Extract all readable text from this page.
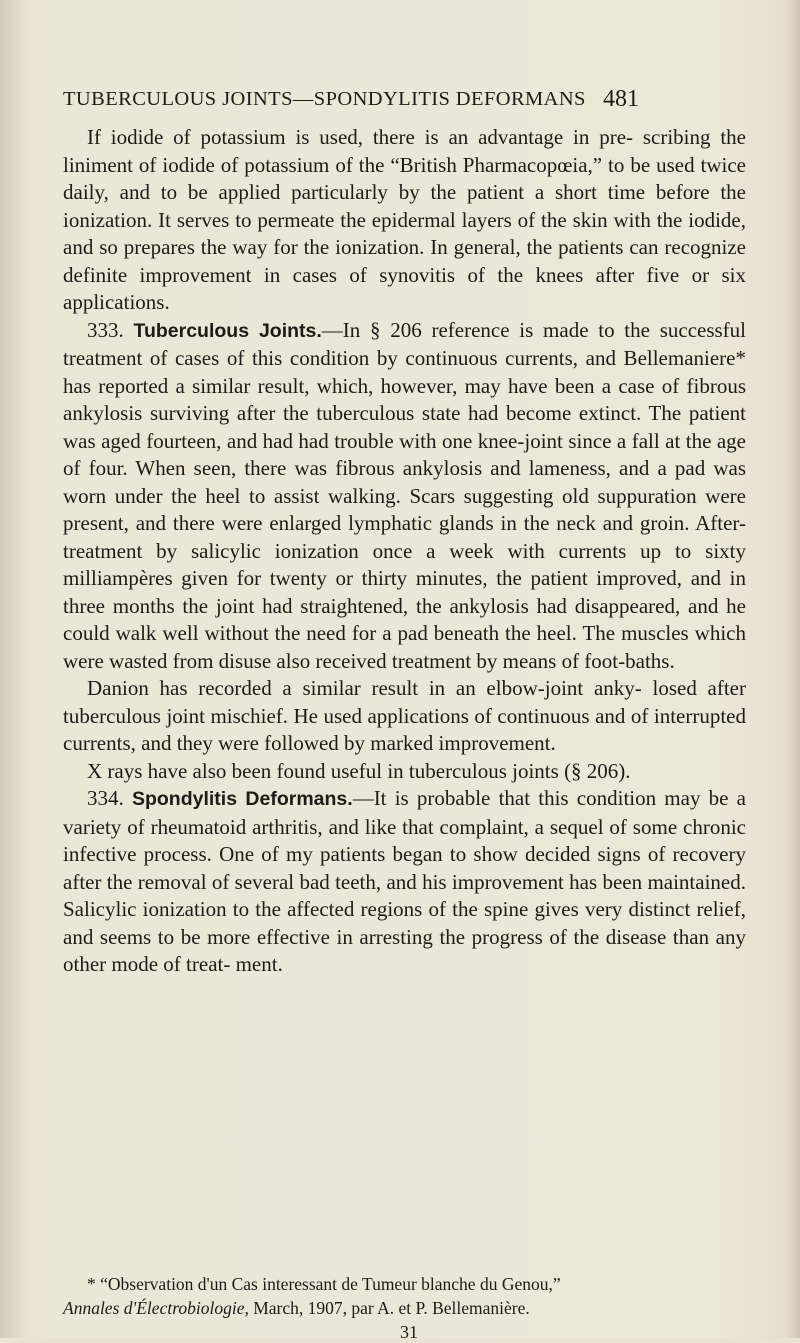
TUBERCULOUS JOINTS—SPONDYLITIS DEFORMANS 481

If iodide of potassium is used, there is an advantage in pre- scribing the liniment of iodide of potassium of the “British Pharmacopœia,” to be used twice daily, and to be applied particularly by the patient a short time before the ionization. It serves to permeate the epidermal layers of the skin with the iodide, and so prepares the way for the ionization. In general, the patients can recognize definite improvement in cases of synovitis of the knees after five or six applications.

333. Tuberculous Joints.—In § 206 reference is made to the successful treatment of cases of this condition by continuous currents, and Bellemaniere* has reported a similar result, which, however, may have been a case of fibrous ankylosis surviving after the tuberculous state had become extinct. The patient was aged fourteen, and had had trouble with one knee-joint since a fall at the age of four. When seen, there was fibrous ankylosis and lameness, and a pad was worn under the heel to assist walking. Scars suggesting old suppuration were present, and there were enlarged lymphatic glands in the neck and groin. After-treatment by salicylic ionization once a week with currents up to sixty milliampères given for twenty or thirty minutes, the patient improved, and in three months the joint had straightened, the ankylosis had disappeared, and he could walk well without the need for a pad beneath the heel. The muscles which were wasted from disuse also received treatment by means of foot-baths.

Danion has recorded a similar result in an elbow-joint anky- losed after tuberculous joint mischief. He used applications of continuous and of interrupted currents, and they were followed by marked improvement.

X rays have also been found useful in tuberculous joints (§ 206).

334. Spondylitis Deformans.—It is probable that this condition may be a variety of rheumatoid arthritis, and like that complaint, a sequel of some chronic infective process. One of my patients began to show decided signs of recovery after the removal of several bad teeth, and his improvement has been maintained. Salicylic ionization to the affected regions of the spine gives very distinct relief, and seems to be more effective in arresting the progress of the disease than any other mode of treat- ment.

* “Observation d'un Cas interessant de Tumeur blanche du Genou,”

Annales d'Électrobiologie, March, 1907, par A. et P. Bellemanière.

31
